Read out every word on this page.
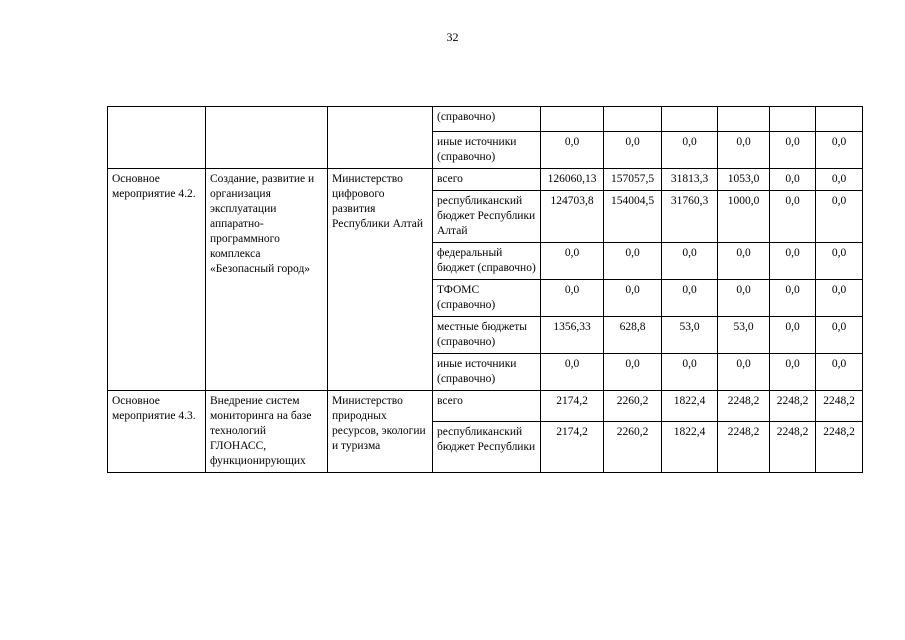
32
			(справочно)						
			иные источники (справочно)	0,0	0,0	0,0	0,0	0,0	0,0
Основное мероприятие 4.2.	Создание, развитие и организация эксплуатации аппаратно-программного комплекса «Безопасный город»	Министерство цифрового развития Республики Алтай	всего	126060,13	157057,5	31813,3	1053,0	0,0	0,0
			республиканский бюджет Республики Алтай	124703,8	154004,5	31760,3	1000,0	0,0	0,0
			федеральный бюджет (справочно)	0,0	0,0	0,0	0,0	0,0	0,0
			ТФОМС (справочно)	0,0	0,0	0,0	0,0	0,0	0,0
			местные бюджеты (справочно)	1356,33	628,8	53,0	53,0	0,0	0,0
			иные источники (справочно)	0,0	0,0	0,0	0,0	0,0	0,0
Основное мероприятие 4.3.	Внедрение систем мониторинга на базе технологий ГЛОНАСС, функционирующих	Министерство природных ресурсов, экологии и туризма	всего	2174,2	2260,2	1822,4	2248,2	2248,2	2248,2
			республиканский бюджет Республики	2174,2	2260,2	1822,4	2248,2	2248,2	2248,2
